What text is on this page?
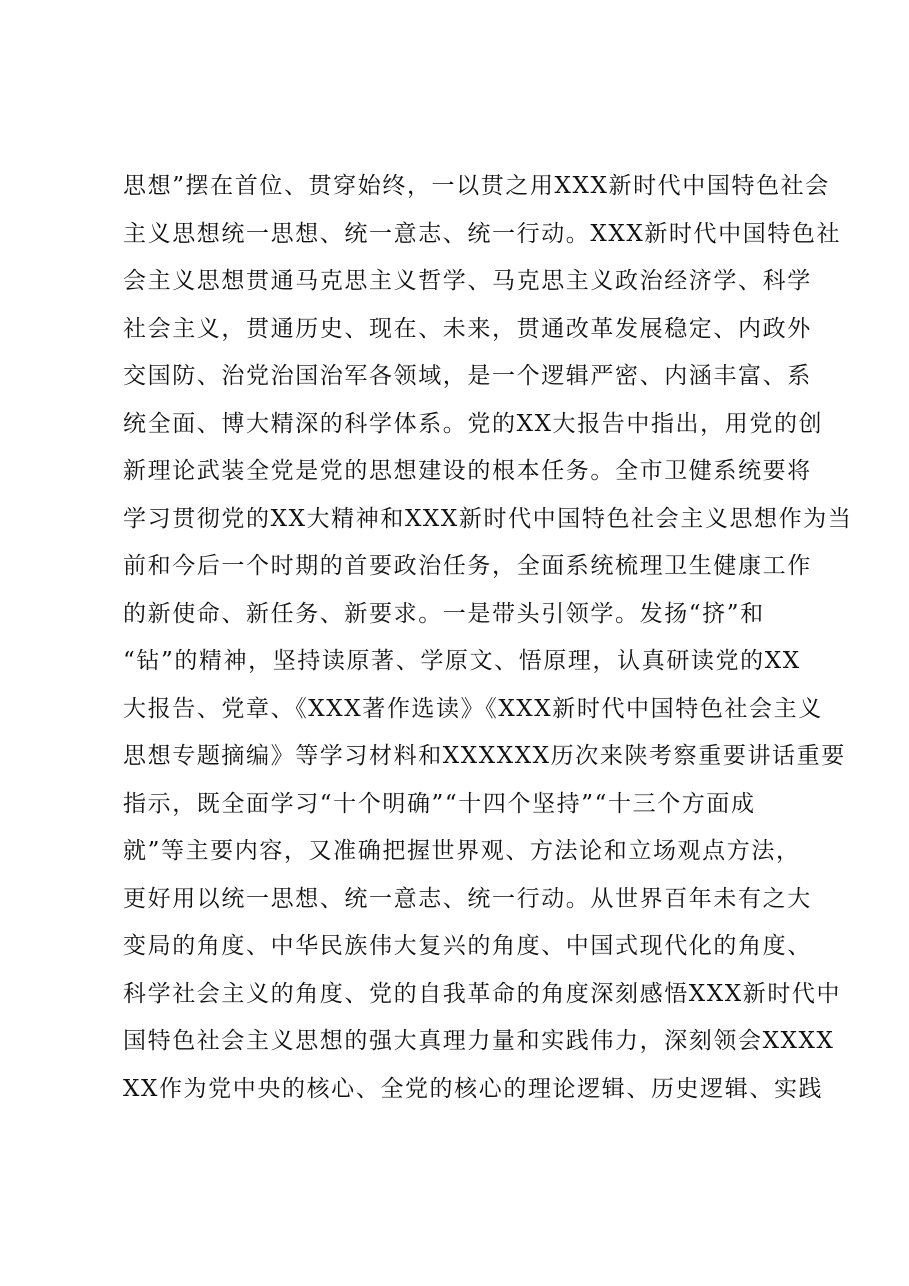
思想”摆在首位、贯穿始终，一以贯之用XXX新时代中国特色社会
主义思想统一思想、统一意志、统一行动。XXX新时代中国特色社
会主义思想贯通马克思主义哲学、马克思主义政治经济学、科学
社会主义，贯通历史、现在、未来，贯通改革发展稳定、内政外
交国防、治党治国治军各领域，是一个逻辑严密、内涵丰富、系
统全面、博大精深的科学体系。党的XX大报告中指出，用党的创
新理论武装全党是党的思想建设的根本任务。全市卫健系统要将
学习贯彻党的XX大精神和XXX新时代中国特色社会主义思想作为当
前和今后一个时期的首要政治任务，全面系统梳理卫生健康工作
的新使命、新任务、新要求。一是带头引领学。发扬“挤”和
“钻”的精神，坚持读原著、学原文、悟原理，认真研读党的XX
大报告、党章、《XXX著作选读》《XXX新时代中国特色社会主义
思想专题摘编》等学习材料和XXXXXX历次来陕考察重要讲话重要
指示，既全面学习“十个明确”“十四个坚持”“十三个方面成
就”等主要内容，又准确把握世界观、方法论和立场观点方法，
更好用以统一思想、统一意志、统一行动。从世界百年未有之大
变局的角度、中华民族伟大复兴的角度、中国式现代化的角度、
科学社会主义的角度、党的自我革命的角度深刻感悟XXX新时代中
国特色社会主义思想的强大真理力量和实践伟力，深刻领会XXXX
XX作为党中央的核心、全党的核心的理论逻辑、历史逻辑、实践
